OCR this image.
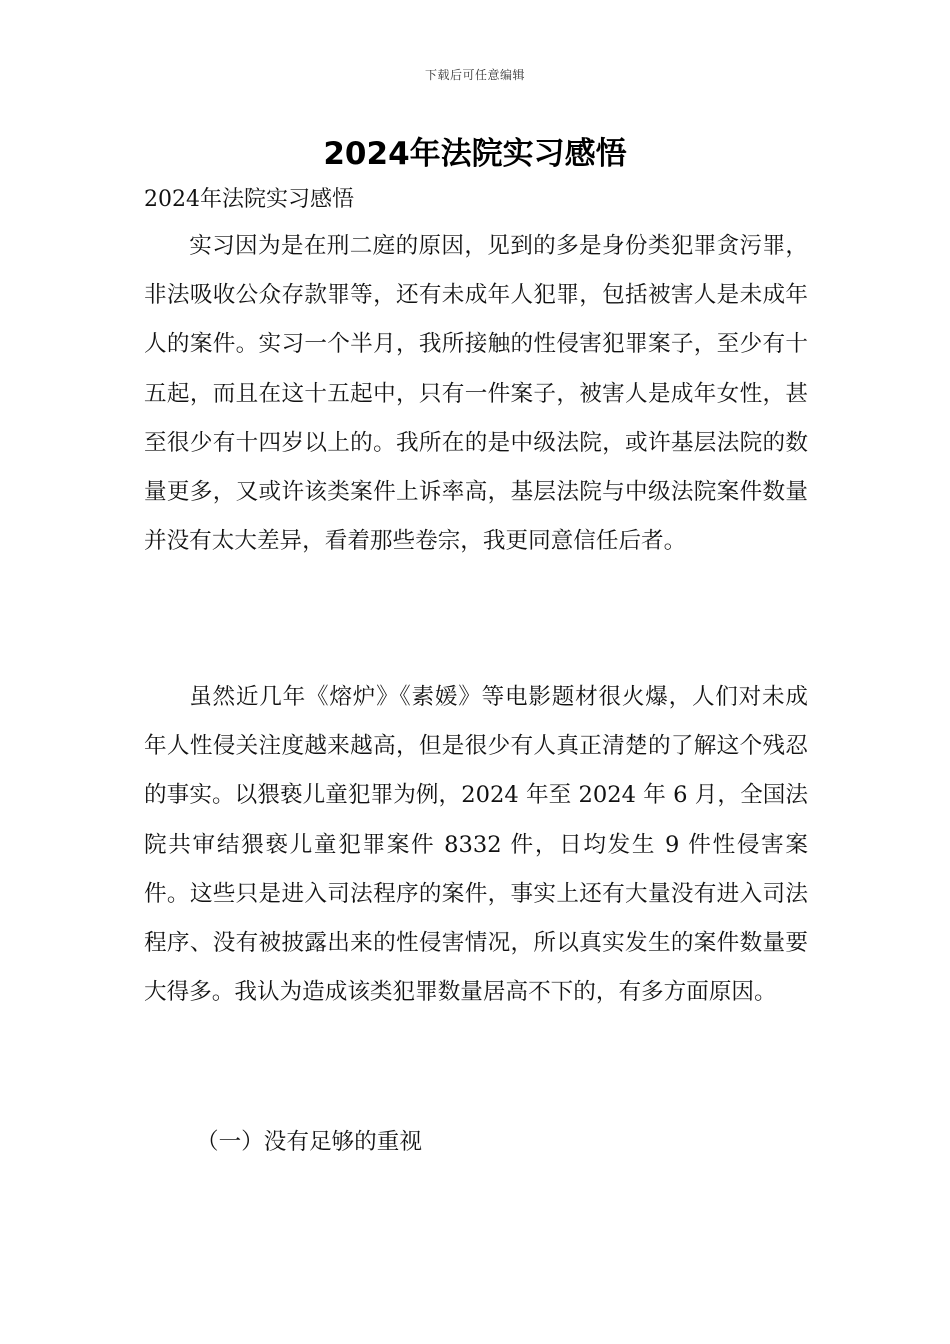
下载后可任意编辑
2024年法院实习感悟
2024年法院实习感悟

实习因为是在刑二庭的原因，见到的多是身份类犯罪贪污罪，非法吸收公众存款罪等，还有未成年人犯罪，包括被害人是未成年人的案件。实习一个半月，我所接触的性侵害犯罪案子，至少有十五起，而且在这十五起中，只有一件案子，被害人是成年女性，甚至很少有十四岁以上的。我所在的是中级法院，或许基层法院的数量更多，又或许该类案件上诉率高，基层法院与中级法院案件数量并没有太大差异，看着那些卷宗，我更同意信任后者。

虽然近几年《熔炉》《素媛》等电影题材很火爆，人们对未成年人性侵关注度越来越高，但是很少有人真正清楚的了解这个残忍的事实。以猥亵儿童犯罪为例，2024 年至 2024 年 6 月，全国法院共审结猥亵儿童犯罪案件 8332 件，日均发生 9 件性侵害案件。这些只是进入司法程序的案件，事实上还有大量没有进入司法程序、没有被披露出来的性侵害情况，所以真实发生的案件数量要大得多。我认为造成该类犯罪数量居高不下的，有多方面原因。

（一）没有足够的重视
